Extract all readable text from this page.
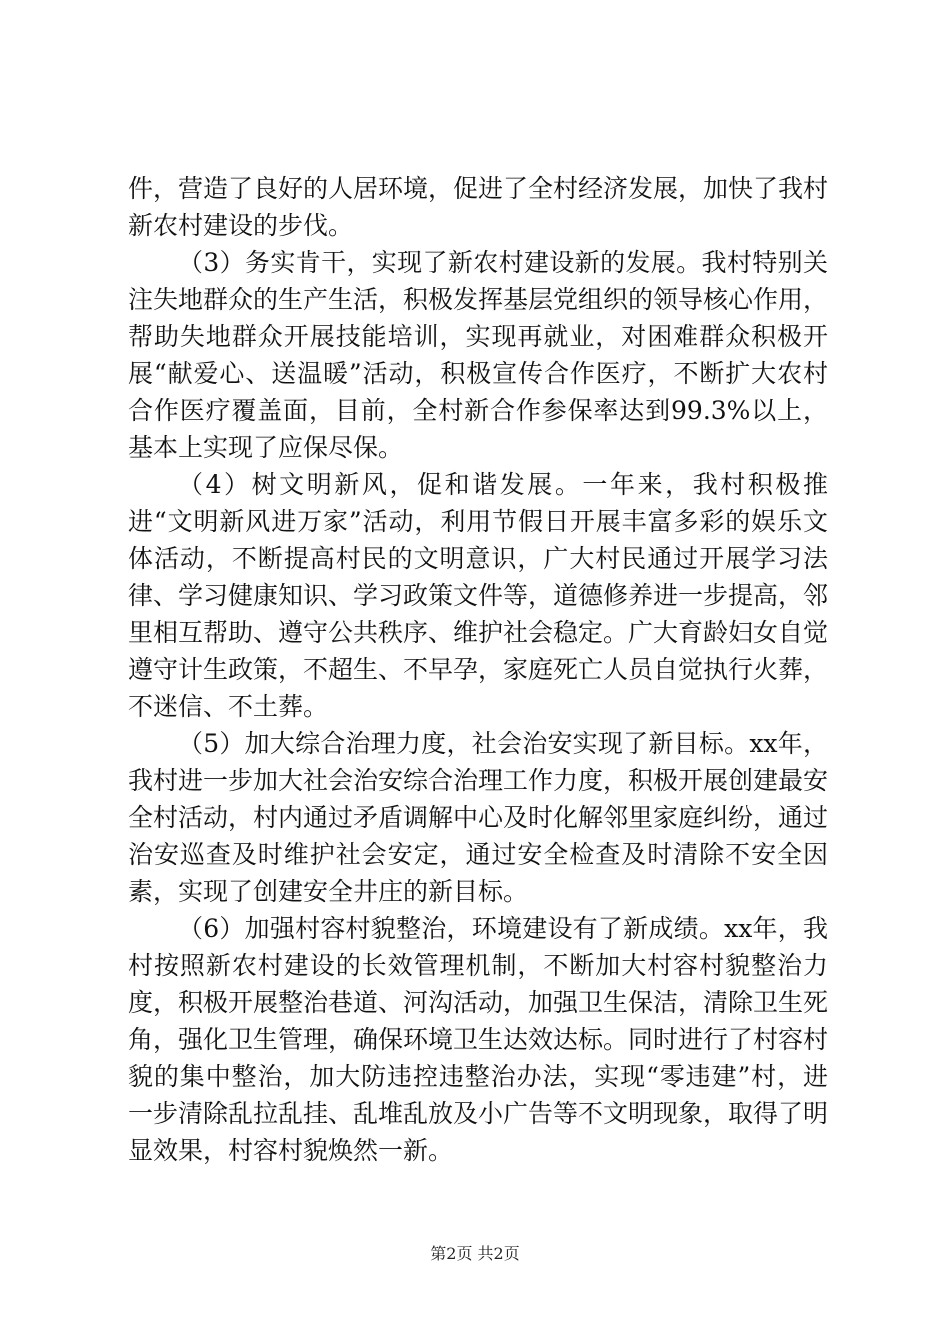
件，营造了良好的人居环境，促进了全村经济发展，加快了我村新农村建设的步伐。

（3）务实肯干，实现了新农村建设新的发展。我村特别关注失地群众的生产生活，积极发挥基层党组织的领导核心作用，帮助失地群众开展技能培训，实现再就业，对困难群众积极开展“献爱心、送温暖”活动，积极宣传合作医疗，不断扩大农村合作医疗覆盖面，目前，全村新合作参保率达到99.3%以上，基本上实现了应保尽保。

（4）树文明新风，促和谐发展。一年来，我村积极推进“文明新风进万家”活动，利用节假日开展丰富多彩的娱乐文体活动，不断提高村民的文明意识，广大村民通过开展学习法律、学习健康知识、学习政策文件等，道德修养进一步提高，邻里相互帮助、遵守公共秩序、维护社会稳定。广大育龄妇女自觉遵守计生政策，不超生、不早孕，家庭死亡人员自觉执行火葬，不迷信、不土葬。

（5）加大综合治理力度，社会治安实现了新目标。xx年，我村进一步加大社会治安综合治理工作力度，积极开展创建最安全村活动，村内通过矛盾调解中心及时化解邻里家庭纠纷，通过治安巡查及时维护社会安定，通过安全检查及时清除不安全因素，实现了创建安全井庄的新目标。

（6）加强村容村貌整治，环境建设有了新成绩。xx年，我村按照新农村建设的长效管理机制，不断加大村容村貌整治力度，积极开展整治巷道、河沟活动，加强卫生保洁，清除卫生死角，强化卫生管理，确保环境卫生达效达标。同时进行了村容村貌的集中整治，加大防违控违整治办法，实现“零违建”村，进一步清除乱拉乱挂、乱堆乱放及小广告等不文明现象，取得了明显效果，村容村貌焕然一新。

第2页 共2页
